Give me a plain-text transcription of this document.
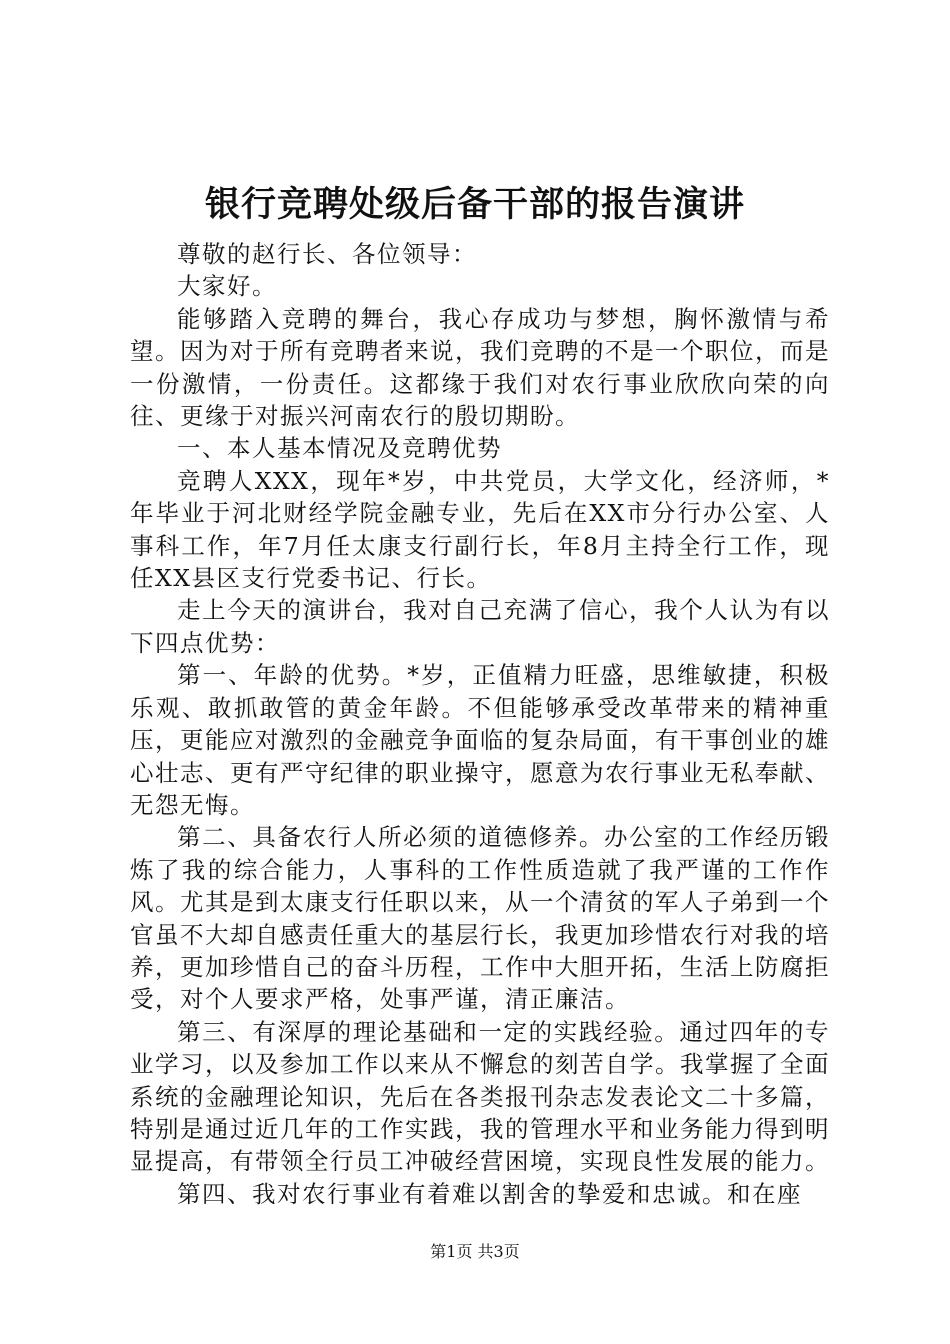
银行竞聘处级后备干部的报告演讲

尊敬的赵行长、各位领导：

大家好。

能够踏入竞聘的舞台，我心存成功与梦想，胸怀激情与希望。因为对于所有竞聘者来说，我们竞聘的不是一个职位，而是一份激情，一份责任。这都缘于我们对农行事业欣欣向荣的向往、更缘于对振兴河南农行的殷切期盼。

一、本人基本情况及竞聘优势

竞聘人XXX，现年*岁，中共党员，大学文化，经济师，*年毕业于河北财经学院金融专业，先后在XX市分行办公室、人事科工作，年7月任太康支行副行长，年8月主持全行工作，现任XX县区支行党委书记、行长。

走上今天的演讲台，我对自己充满了信心，我个人认为有以下四点优势：

第一、年龄的优势。*岁，正值精力旺盛，思维敏捷，积极乐观、敢抓敢管的黄金年龄。不但能够承受改革带来的精神重压，更能应对激烈的金融竞争面临的复杂局面，有干事创业的雄心壮志、更有严守纪律的职业操守，愿意为农行事业无私奉献、无怨无悔。

第二、具备农行人所必须的道德修养。办公室的工作经历锻炼了我的综合能力，人事科的工作性质造就了我严谨的工作作风。尤其是到太康支行任职以来，从一个清贫的军人子弟到一个官虽不大却自感责任重大的基层行长，我更加珍惜农行对我的培养，更加珍惜自己的奋斗历程，工作中大胆开拓，生活上防腐拒受，对个人要求严格，处事严谨，清正廉洁。

第三、有深厚的理论基础和一定的实践经验。通过四年的专业学习，以及参加工作以来从不懈怠的刻苦自学。我掌握了全面系统的金融理论知识，先后在各类报刊杂志发表论文二十多篇，特别是通过近几年的工作实践，我的管理水平和业务能力得到明显提高，有带领全行员工冲破经营困境，实现良性发展的能力。

第四、我对农行事业有着难以割舍的挚爱和忠诚。和在座

第1页 共3页
